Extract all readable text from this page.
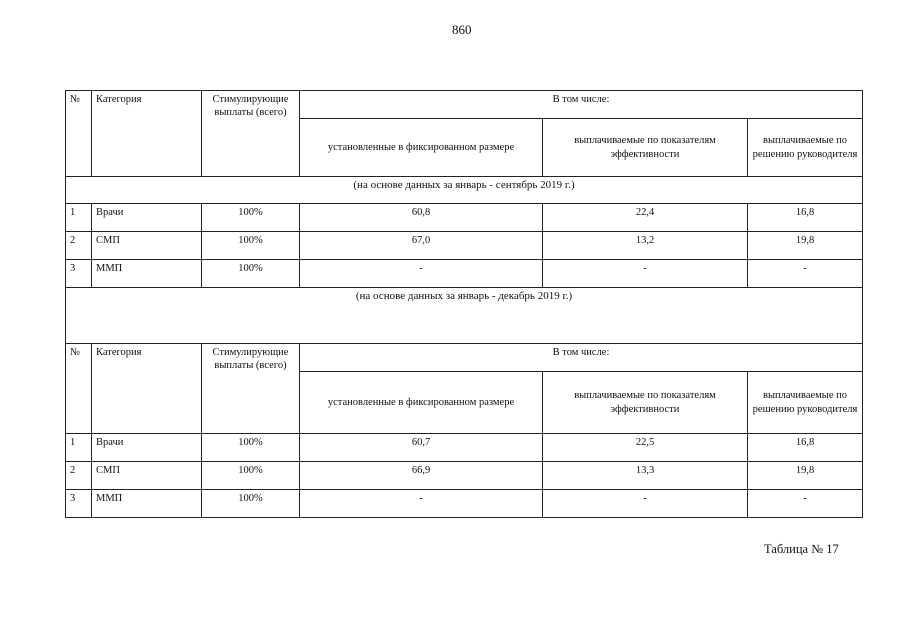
860
№	Категория	Стимулирующие выплаты (всего)	В том числе:		
			установленные в фиксированном размере	выплачиваемые по показателям эффективности	выплачиваемые по решению руководителя
(на основе данных за январь - сентябрь 2019 г.)					
1	Врачи	100%	60,8	22,4	16,8
2	СМП	100%	67,0	13,2	19,8
3	ММП	100%	-	-	-
(на основе данных за январь - декабрь 2019 г.)					
№	Категория	Стимулирующие выплаты (всего)	В том числе:		
			установленные в фиксированном размере	выплачиваемые по показателям эффективности	выплачиваемые по решению руководителя
1	Врачи	100%	60,7	22,5	16,8
2	СМП	100%	66,9	13,3	19,8
3	ММП	100%	-	-	-
Таблица № 17
